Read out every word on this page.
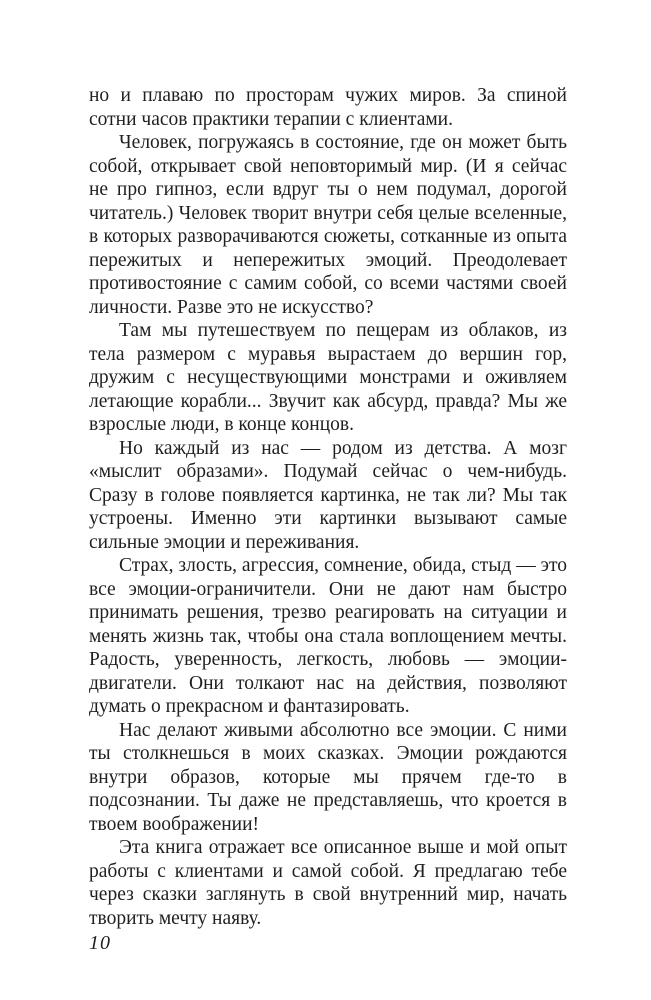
но и плаваю по просторам чужих миров. За спиной сотни часов практики терапии с клиентами.

Человек, погружаясь в состояние, где он может быть собой, открывает свой неповторимый мир. (И я сейчас не про гипноз, если вдруг ты о нем подумал, дорогой читатель.) Человек творит внутри себя целые вселенные, в которых разворачиваются сюжеты, сотканные из опыта пережитых и непережитых эмоций. Преодолевает противостояние с самим собой, со всеми частями своей личности. Разве это не искусство?

Там мы путешествуем по пещерам из облаков, из тела размером с муравья вырастаем до вершин гор, дружим с несуществующими монстрами и оживляем летающие корабли... Звучит как абсурд, правда? Мы же взрослые люди, в конце концов.

Но каждый из нас — родом из детства. А мозг «мыслит образами». Подумай сейчас о чем-нибудь. Сразу в голове появляется картинка, не так ли? Мы так устроены. Именно эти картинки вызывают самые сильные эмоции и переживания.

Страх, злость, агрессия, сомнение, обида, стыд — это все эмоции-ограничители. Они не дают нам быстро принимать решения, трезво реагировать на ситуации и менять жизнь так, чтобы она стала воплощением мечты. Радость, уверенность, легкость, любовь — эмоции-двигатели. Они толкают нас на действия, позволяют думать о прекрасном и фантазировать.

Нас делают живыми абсолютно все эмоции. С ними ты столкнешься в моих сказках. Эмоции рождаются внутри образов, которые мы прячем где-то в подсознании. Ты даже не представляешь, что кроется в твоем воображении!

Эта книга отражает все описанное выше и мой опыт работы с клиентами и самой собой. Я предлагаю тебе через сказки заглянуть в свой внутренний мир, начать творить мечту наяву.

10
